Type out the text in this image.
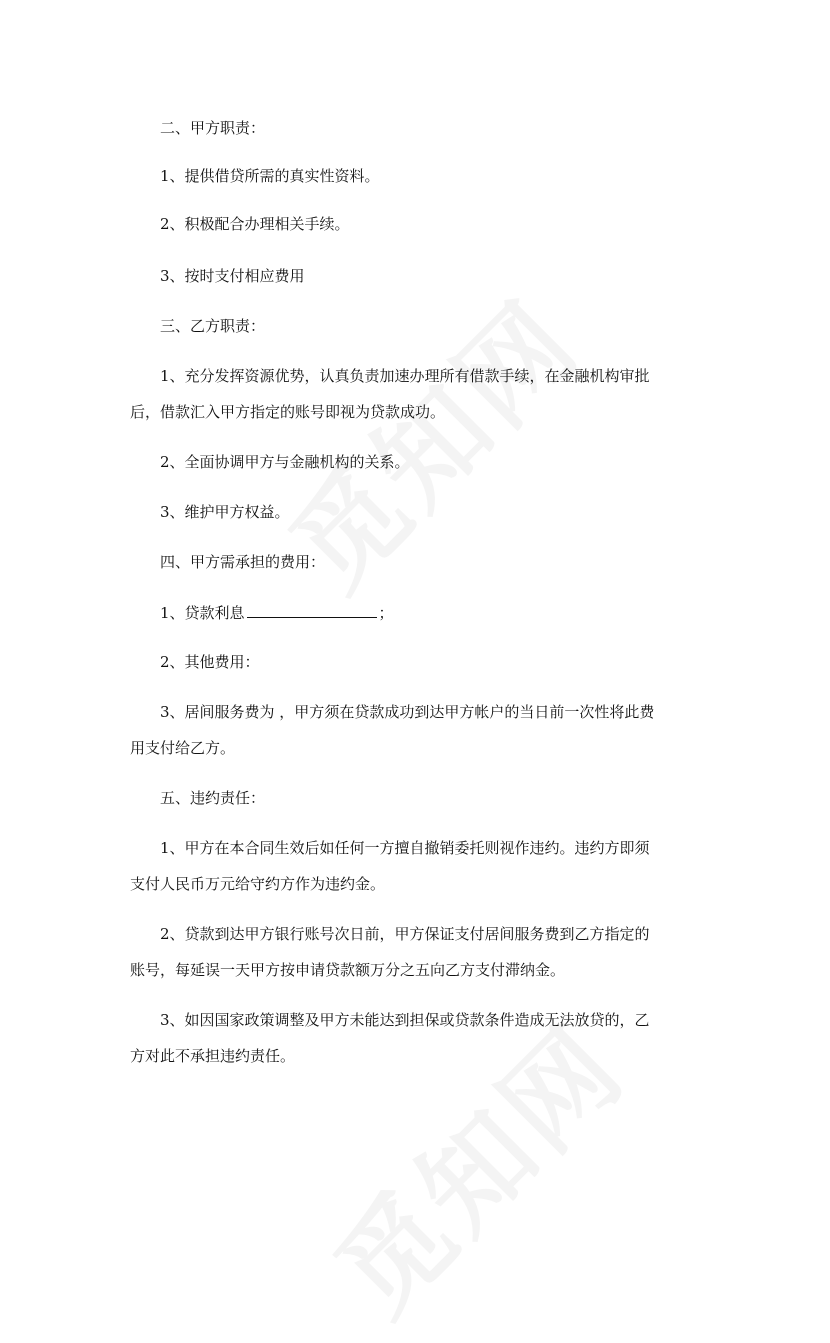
二、甲方职责：
1、提供借贷所需的真实性资料。
2、积极配合办理相关手续。
3、按时支付相应费用
三、乙方职责：
1、充分发挥资源优势，认真负责加速办理所有借款手续，在金融机构审批
后，借款汇入甲方指定的账号即视为贷款成功。
2、全面协调甲方与金融机构的关系。
3、维护甲方权益。
四、甲方需承担的费用：
1、贷款利息	；
2、其他费用：
3、居间服务费为 ，甲方须在贷款成功到达甲方帐户的当日前一次性将此费
用支付给乙方。
五、违约责任：
1、甲方在本合同生效后如任何一方擅自撤销委托则视作违约。违约方即须
支付人民币万元给守约方作为违约金。
2、贷款到达甲方银行账号次日前，甲方保证支付居间服务费到乙方指定的
账号，每延误一天甲方按申请贷款额万分之五向乙方支付滞纳金。
3、如因国家政策调整及甲方未能达到担保或贷款条件造成无法放贷的，乙
方对此不承担违约责任。
